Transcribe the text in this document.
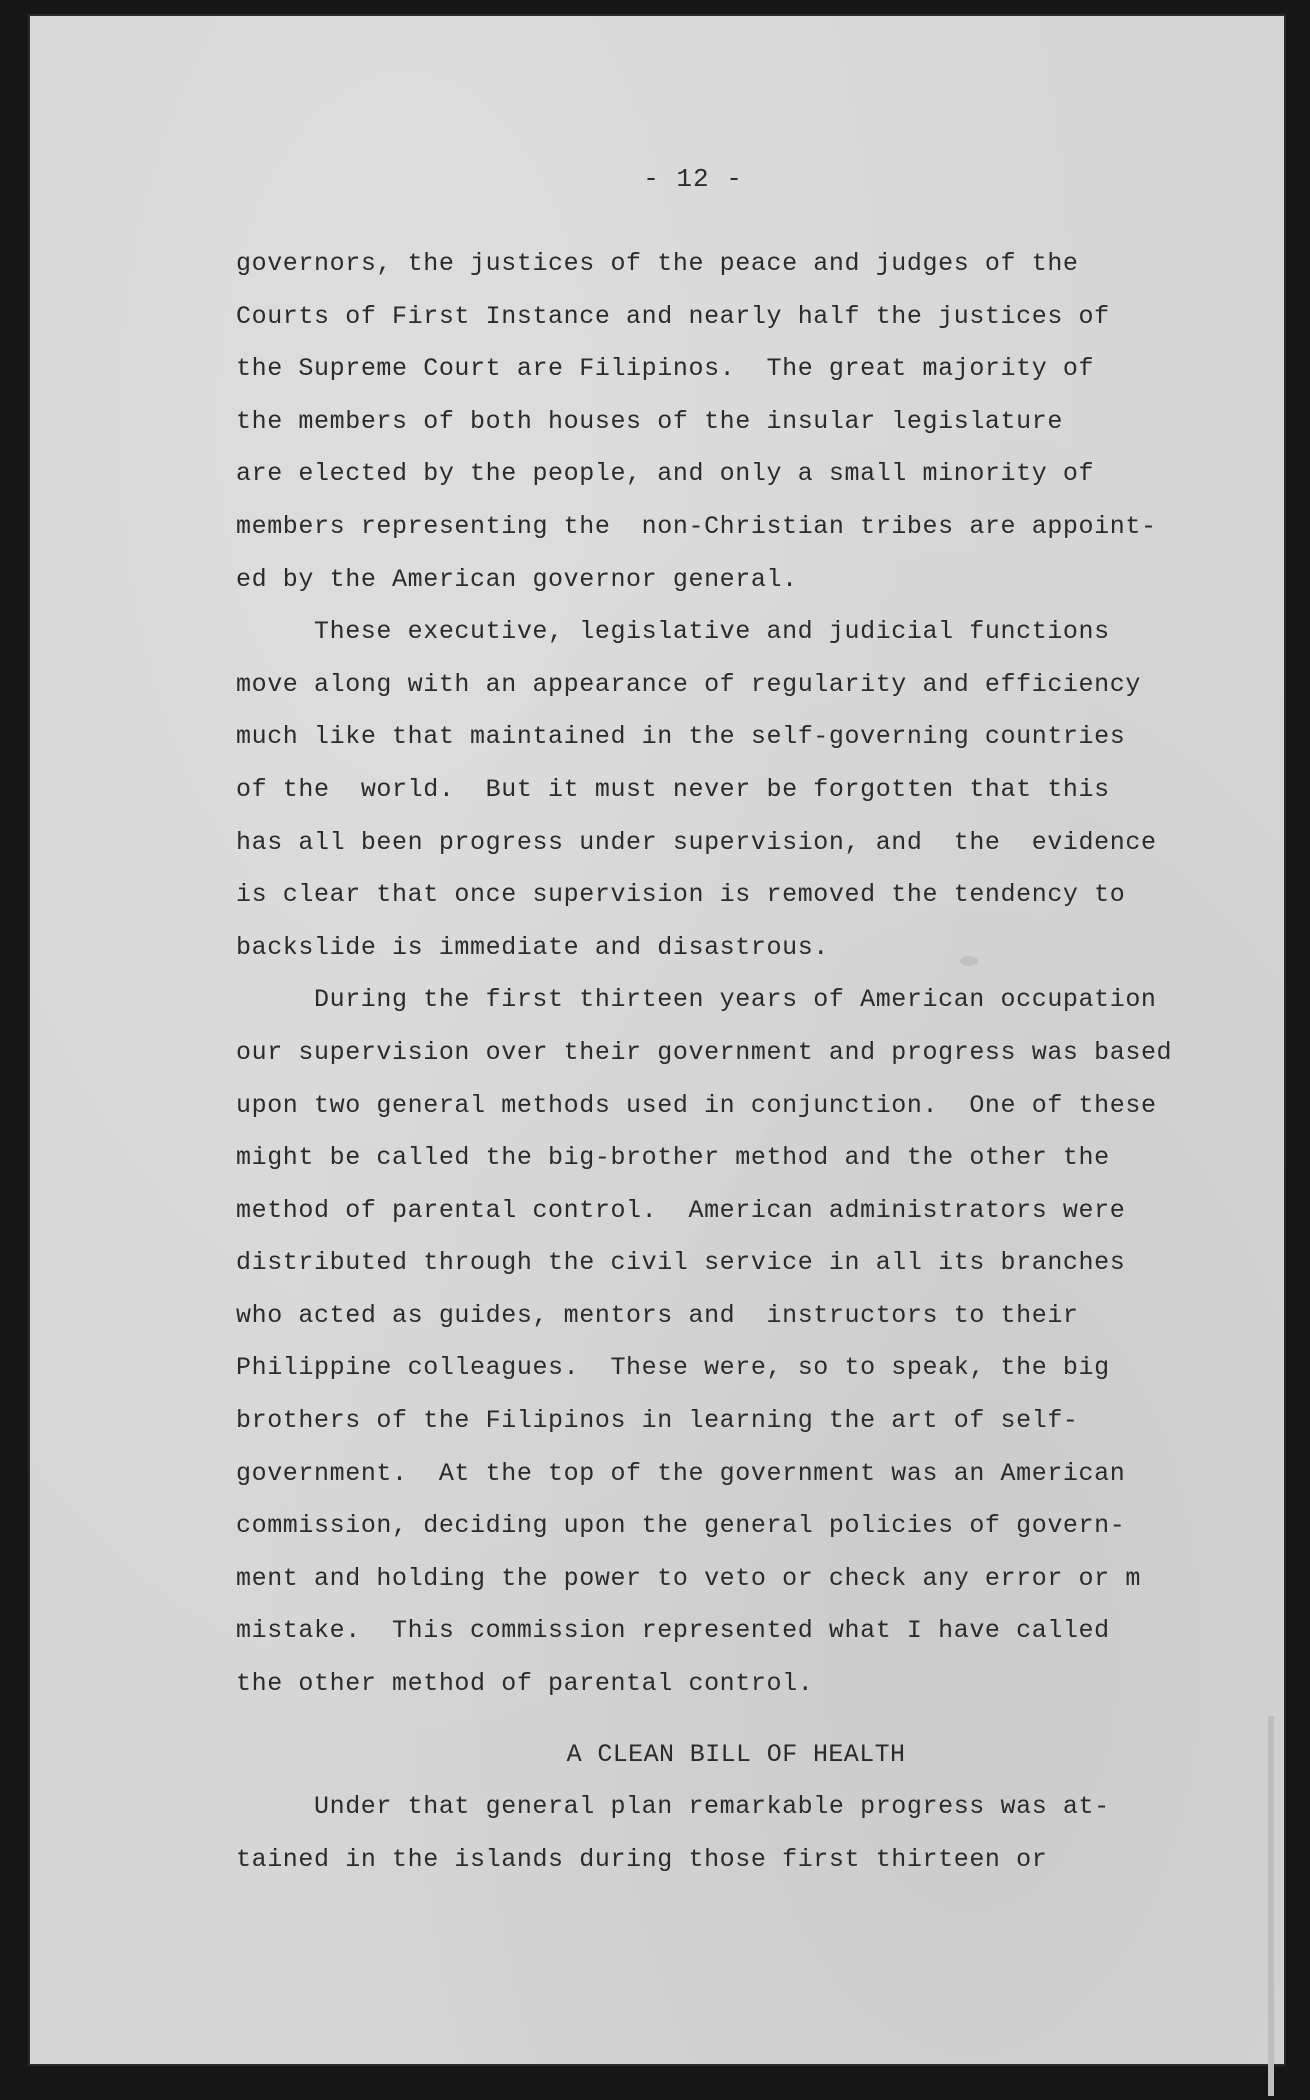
- 12 -
governors, the justices of the peace and judges of the
Courts of First Instance and nearly half the justices of
the Supreme Court are Filipinos.  The great majority of
the members of both houses of the insular legislature
are elected by the people, and only a small minority of
members representing the  non-Christian tribes are appoint-
ed by the American governor general.
These executive, legislative and judicial functions
move along with an appearance of regularity and efficiency
much like that maintained in the self-governing countries
of the  world.  But it must never be forgotten that this
has all been progress under supervision, and  the  evidence
is clear that once supervision is removed the tendency to
backslide is immediate and disastrous.
During the first thirteen years of American occupation
our supervision over their government and progress was based
upon two general methods used in conjunction.  One of these
might be called the big-brother method and the other the
method of parental control.  American administrators were
distributed through the civil service in all its branches
who acted as guides, mentors and  instructors to their
Philippine colleagues.  These were, so to speak, the big
brothers of the Filipinos in learning the art of self-
government.  At the top of the government was an American
commission, deciding upon the general policies of govern-
ment and holding the power to veto or check any error or m
mistake.  This commission represented what I have called
the other method of parental control.
A CLEAN BILL OF HEALTH
Under that general plan remarkable progress was at-
tained in the islands during those first thirteen or
